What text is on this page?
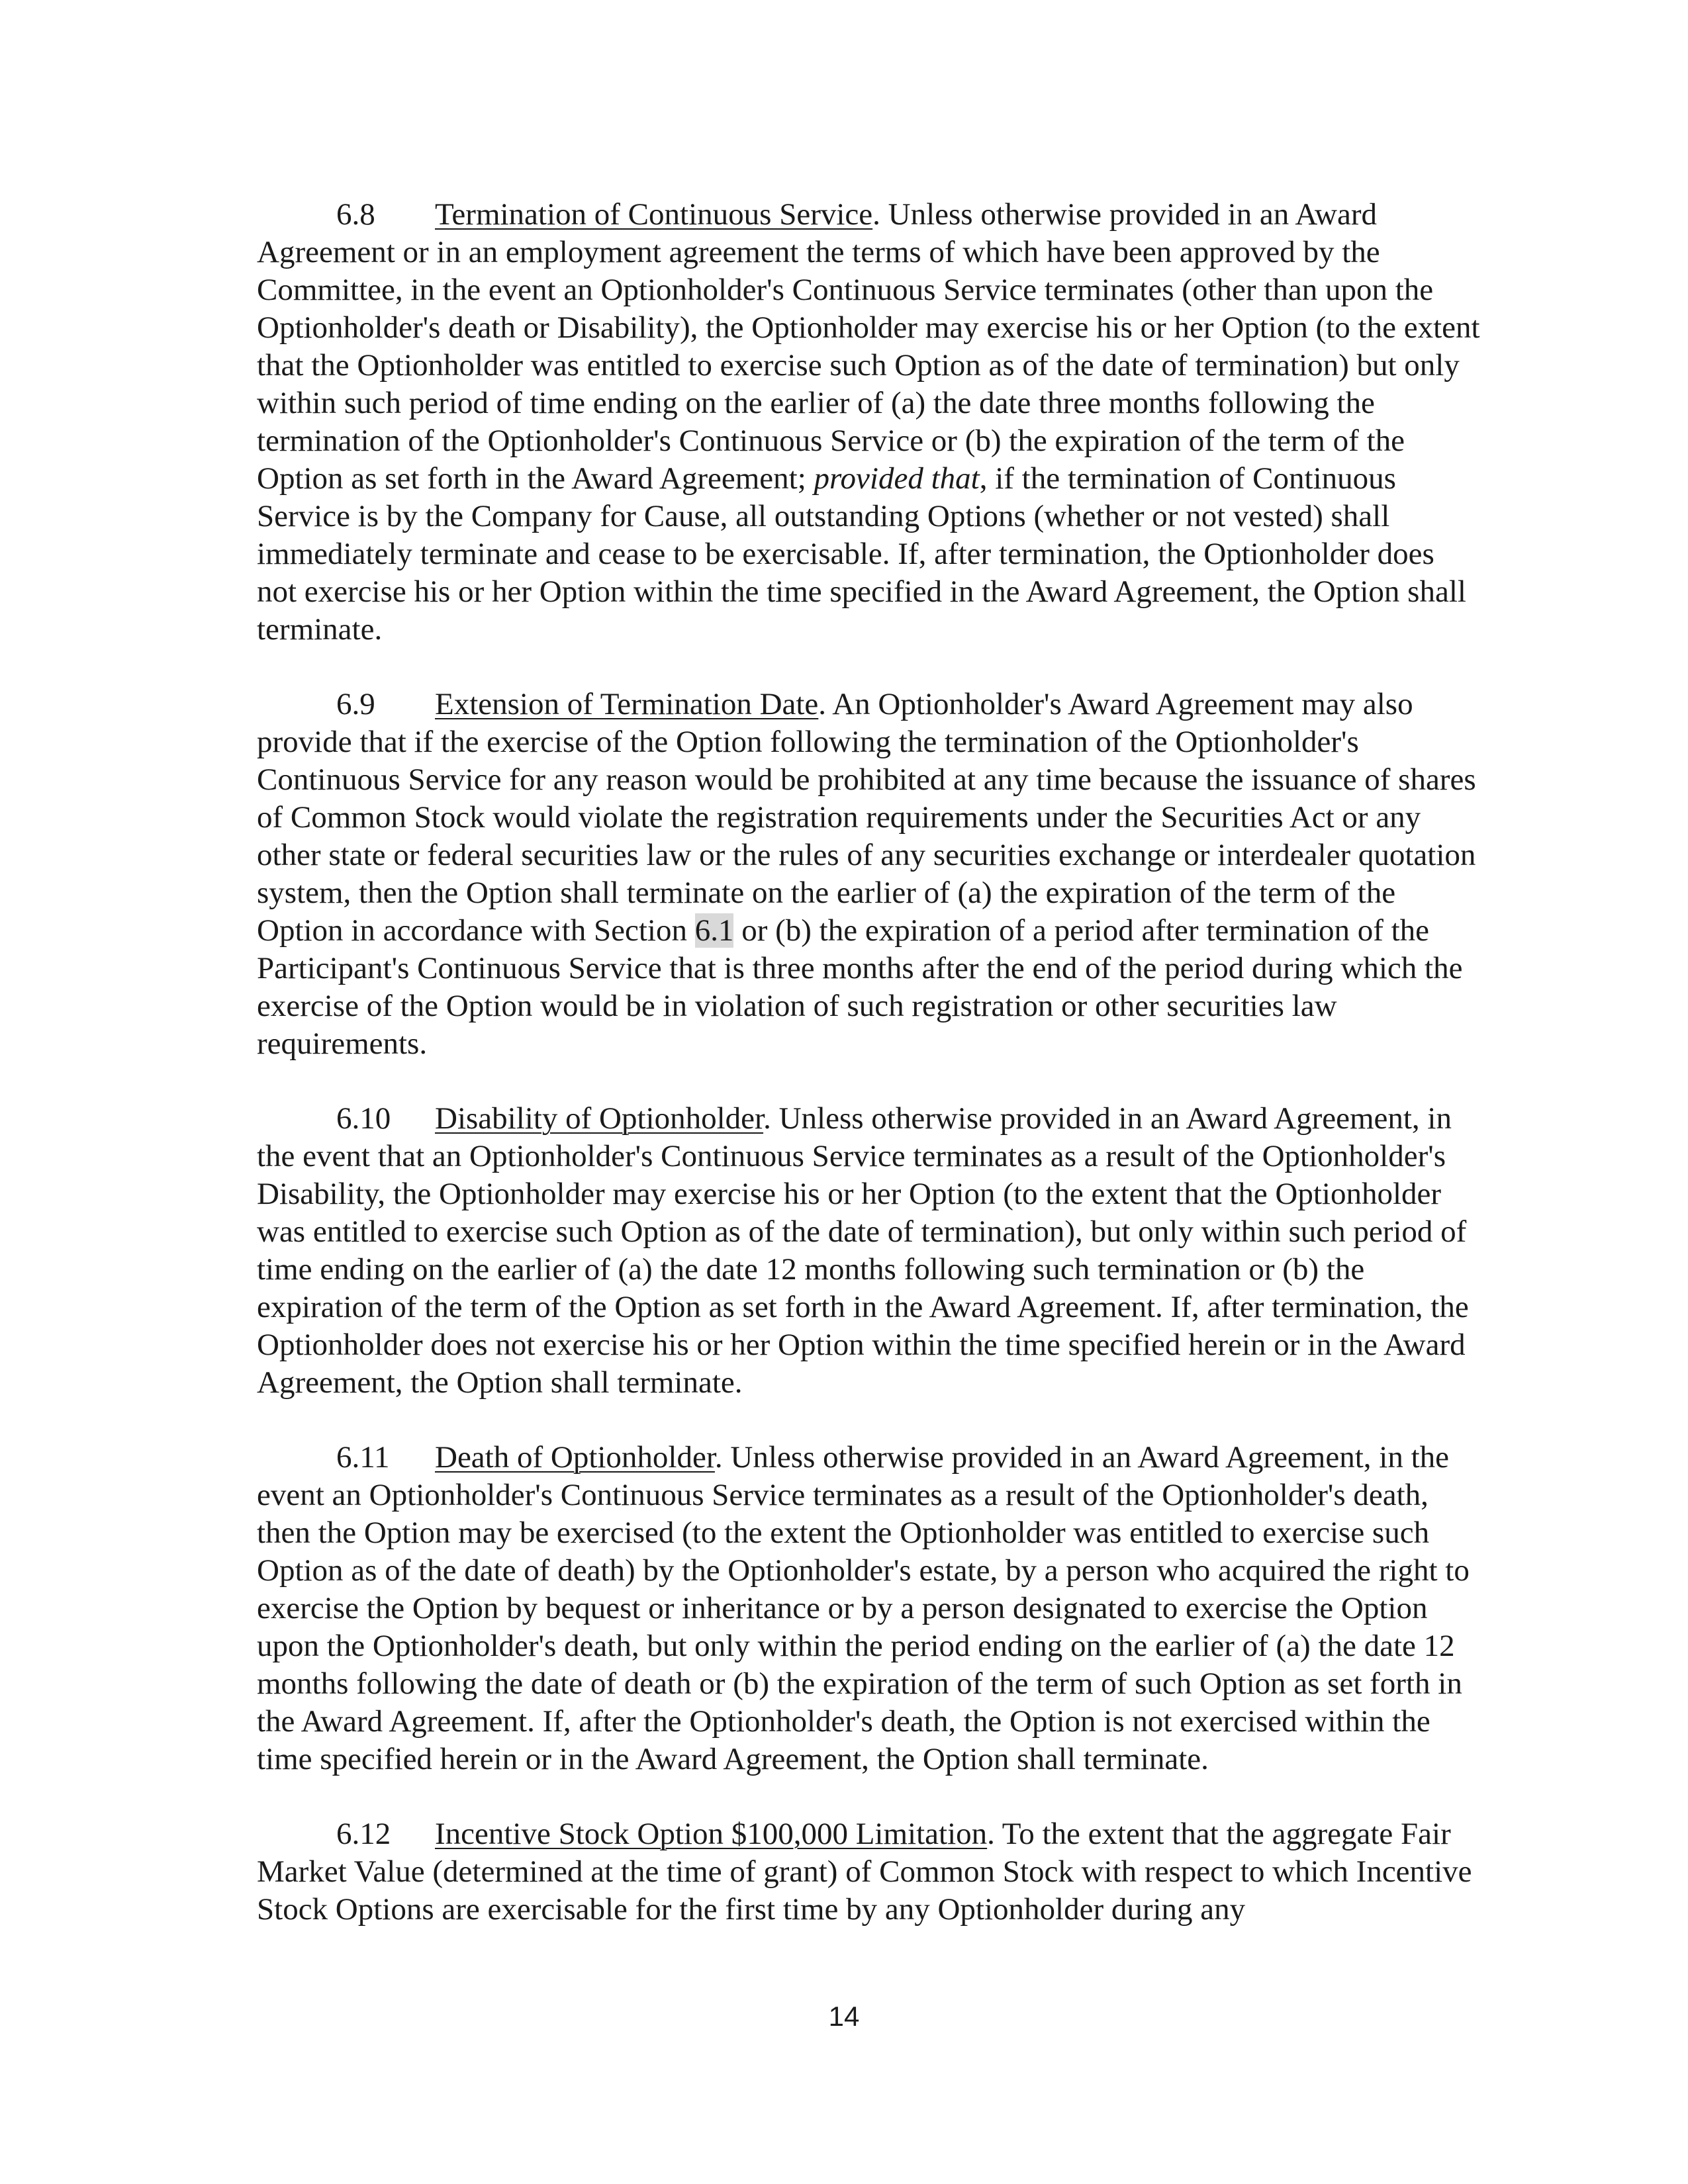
6.8 Termination of Continuous Service. Unless otherwise provided in an Award Agreement or in an employment agreement the terms of which have been approved by the Committee, in the event an Optionholder's Continuous Service terminates (other than upon the Optionholder's death or Disability), the Optionholder may exercise his or her Option (to the extent that the Optionholder was entitled to exercise such Option as of the date of termination) but only within such period of time ending on the earlier of (a) the date three months following the termination of the Optionholder's Continuous Service or (b) the expiration of the term of the Option as set forth in the Award Agreement; provided that, if the termination of Continuous Service is by the Company for Cause, all outstanding Options (whether or not vested) shall immediately terminate and cease to be exercisable. If, after termination, the Optionholder does not exercise his or her Option within the time specified in the Award Agreement, the Option shall terminate.

6.9 Extension of Termination Date. An Optionholder's Award Agreement may also provide that if the exercise of the Option following the termination of the Optionholder's Continuous Service for any reason would be prohibited at any time because the issuance of shares of Common Stock would violate the registration requirements under the Securities Act or any other state or federal securities law or the rules of any securities exchange or interdealer quotation system, then the Option shall terminate on the earlier of (a) the expiration of the term of the Option in accordance with Section 6.1 or (b) the expiration of a period after termination of the Participant's Continuous Service that is three months after the end of the period during which the exercise of the Option would be in violation of such registration or other securities law requirements.

6.10 Disability of Optionholder. Unless otherwise provided in an Award Agreement, in the event that an Optionholder's Continuous Service terminates as a result of the Optionholder's Disability, the Optionholder may exercise his or her Option (to the extent that the Optionholder was entitled to exercise such Option as of the date of termination), but only within such period of time ending on the earlier of (a) the date 12 months following such termination or (b) the expiration of the term of the Option as set forth in the Award Agreement. If, after termination, the Optionholder does not exercise his or her Option within the time specified herein or in the Award Agreement, the Option shall terminate.

6.11 Death of Optionholder. Unless otherwise provided in an Award Agreement, in the event an Optionholder's Continuous Service terminates as a result of the Optionholder's death, then the Option may be exercised (to the extent the Optionholder was entitled to exercise such Option as of the date of death) by the Optionholder's estate, by a person who acquired the right to exercise the Option by bequest or inheritance or by a person designated to exercise the Option upon the Optionholder's death, but only within the period ending on the earlier of (a) the date 12 months following the date of death or (b) the expiration of the term of such Option as set forth in the Award Agreement. If, after the Optionholder's death, the Option is not exercised within the time specified herein or in the Award Agreement, the Option shall terminate.

6.12 Incentive Stock Option $100,000 Limitation. To the extent that the aggregate Fair Market Value (determined at the time of grant) of Common Stock with respect to which Incentive Stock Options are exercisable for the first time by any Optionholder during any

14
